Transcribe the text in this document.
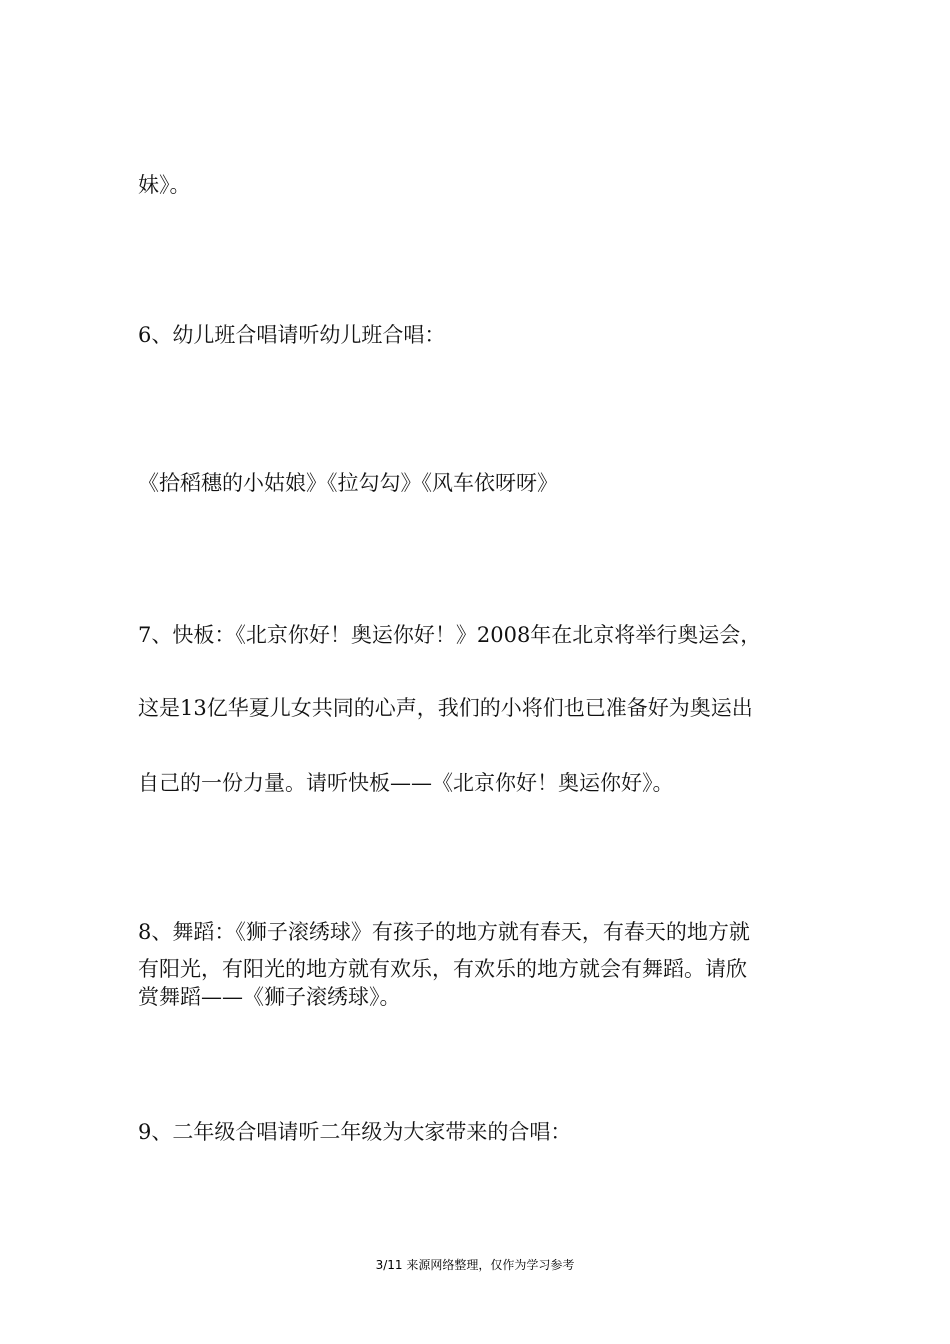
妹》。
6、幼儿班合唱请听幼儿班合唱：
《拾稻穗的小姑娘》《拉勾勾》《风车依呀呀》
7、快板：《北京你好！奥运你好！》2008年在北京将举行奥运会，
这是13亿华夏儿女共同的心声，我们的小将们也已准备好为奥运出
自己的一份力量。请听快板——《北京你好！奥运你好》。
8、舞蹈：《狮子滚绣球》有孩子的地方就有春天，有春天的地方就
有阳光，有阳光的地方就有欢乐，有欢乐的地方就会有舞蹈。请欣
赏舞蹈——《狮子滚绣球》。
9、二年级合唱请听二年级为大家带来的合唱：
3/11 来源网络整理，仅作为学习参考
